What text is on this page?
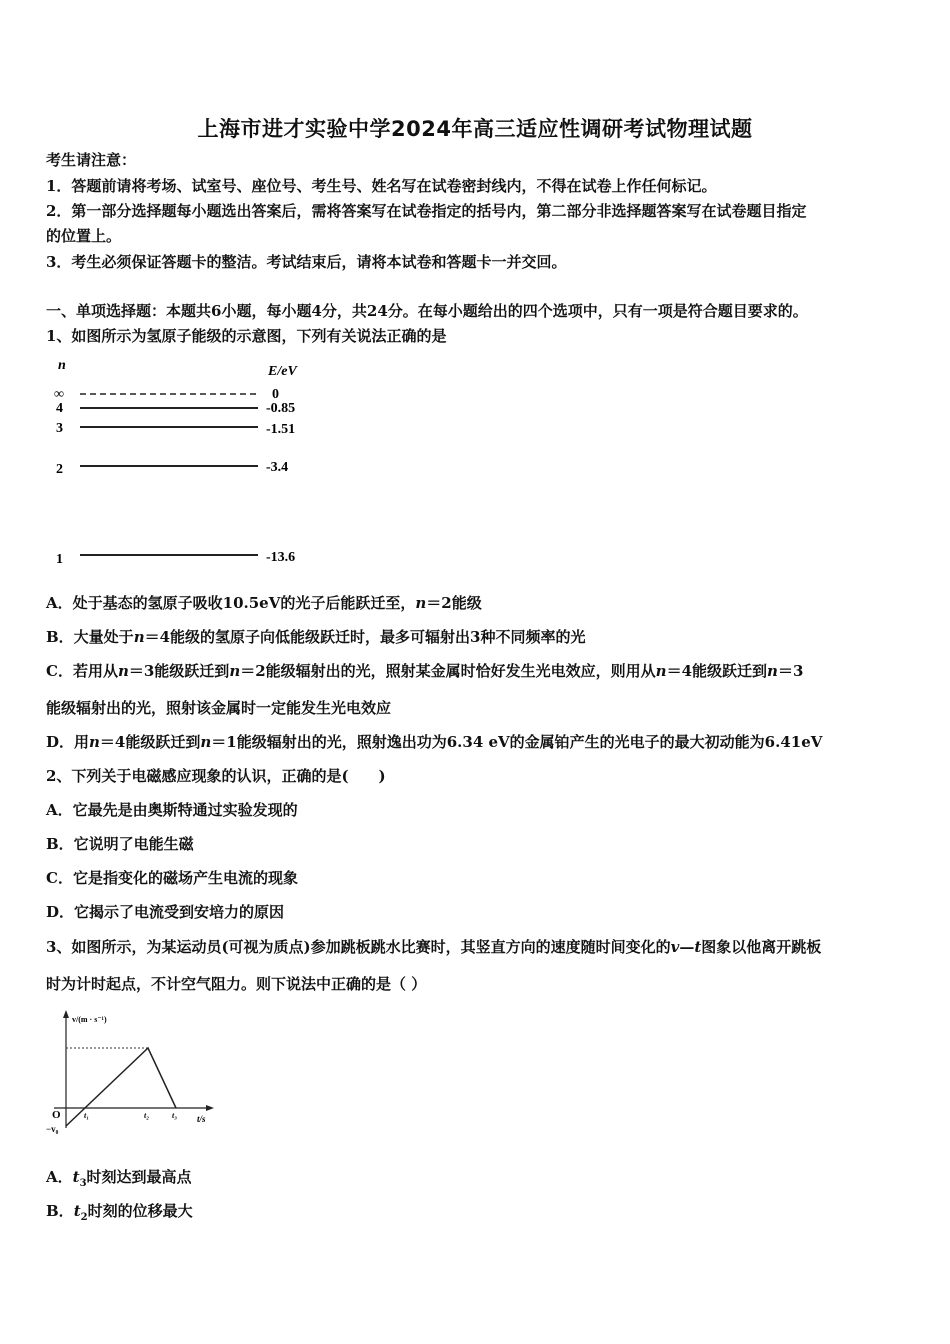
上海市进才实验中学2024年高三适应性调研考试物理试题
考生请注意：
1．答题前请将考场、试室号、座位号、考生号、姓名写在试卷密封线内，不得在试卷上作任何标记。
2．第一部分选择题每小题选出答案后，需将答案写在试卷指定的括号内，第二部分非选择题答案写在试卷题目指定
的位置上。
3．考生必须保证答题卡的整洁。考试结束后，请将本试卷和答题卡一并交回。
一、单项选择题：本题共6小题，每小题4分，共24分。在每小题给出的四个选项中，只有一项是符合题目要求的。
1、如图所示为氢原子能级的示意图，下列有关说法正确的是
n	E/eV
∞	0
4	-0.85
3	-1.51
2	-3.4
1	-13.6
A．处于基态的氢原子吸收10.5eV的光子后能跃迁至，n＝2能级
B．大量处于n＝4能级的氢原子向低能级跃迁时，最多可辐射出3种不同频率的光
C．若用从n＝3能级跃迁到n＝2能级辐射出的光，照射某金属时恰好发生光电效应，则用从n＝4能级跃迁到n＝3
能级辐射出的光，照射该金属时一定能发生光电效应
D．用n＝4能级跃迁到n＝1能级辐射出的光，照射逸出功为6.34 eV的金属铂产生的光电子的最大初动能为6.41eV
2、下列关于电磁感应现象的认识，正确的是(　　)
A．它最先是由奥斯特通过实验发现的
B．它说明了电能生磁
C．它是指变化的磁场产生电流的现象
D．它揭示了电流受到安培力的原因
3、如图所示，为某运动员(可视为质点)参加跳板跳水比赛时，其竖直方向的速度随时间变化的v—t图象以他离开跳板
时为计时起点，不计空气阻力。则下说法中正确的是（ ）
v/(m · s⁻¹)
t/s
O
−v₀
t₁	t₂	t₃
A．$t_3$时刻达到最高点
B．$t_2$时刻的位移最大
